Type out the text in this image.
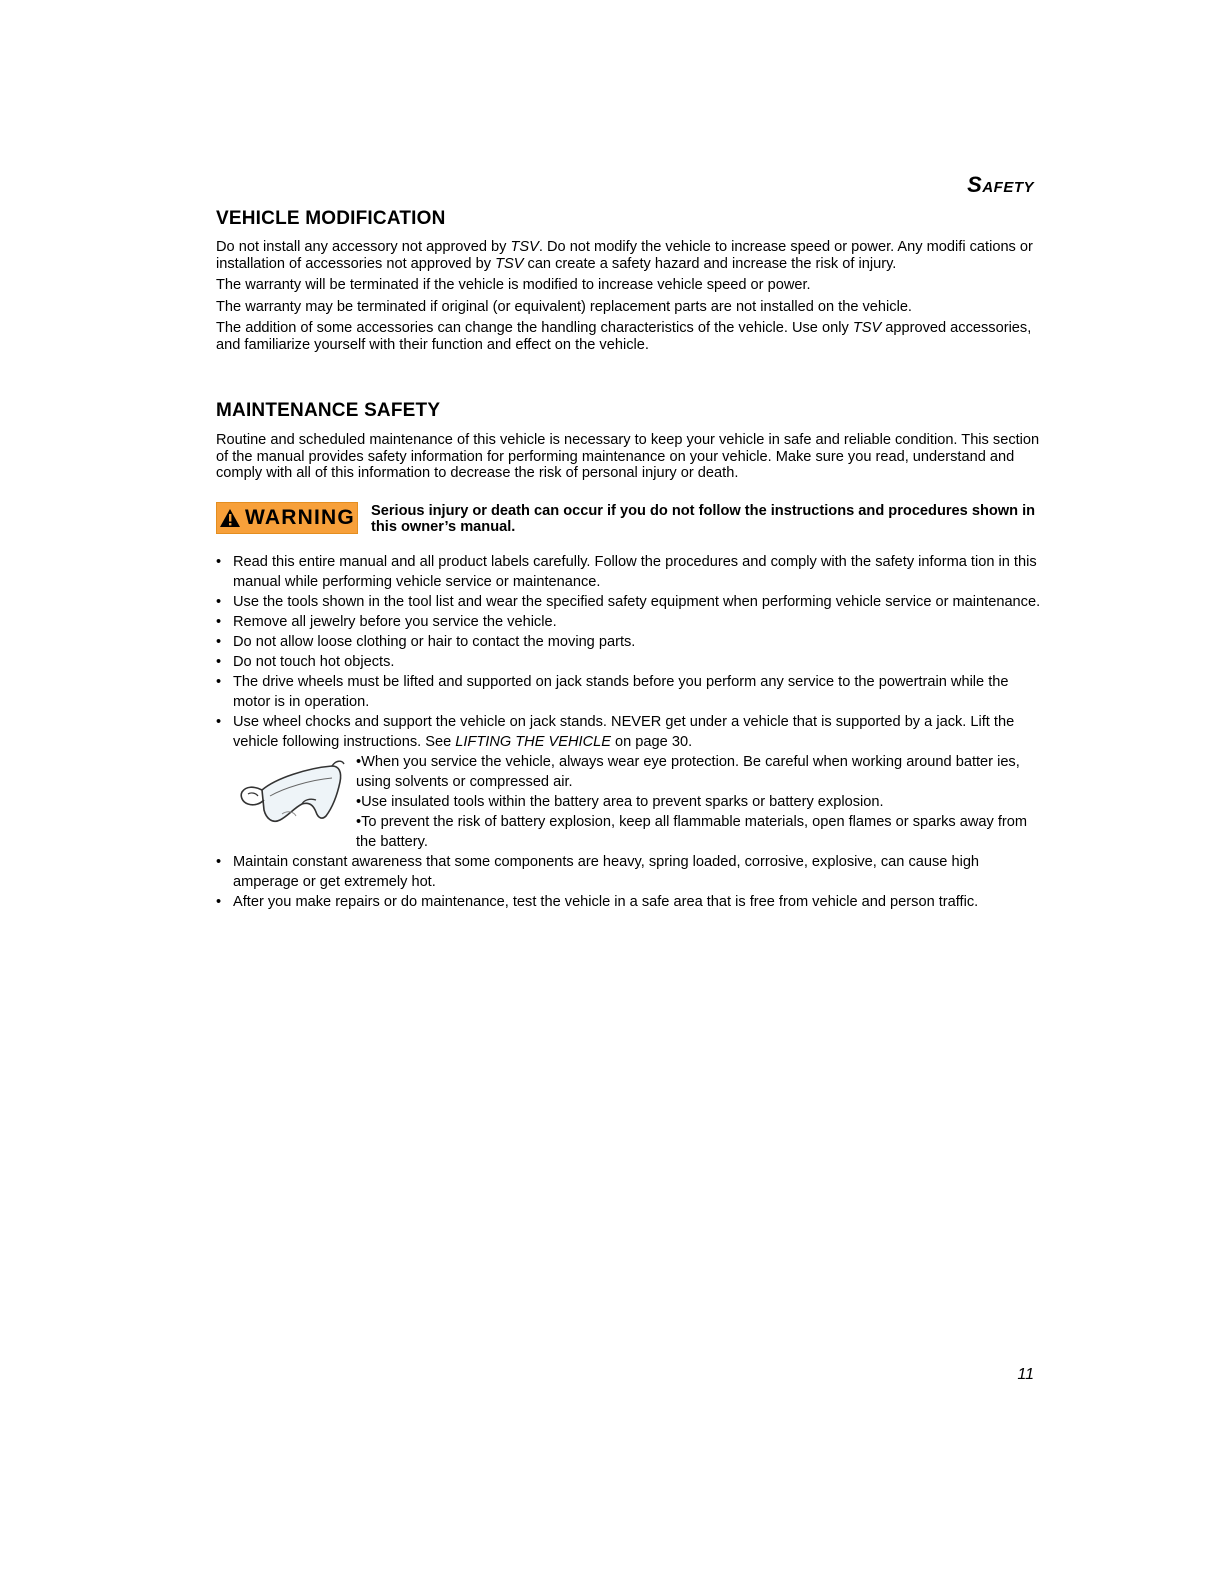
Safety
VEHICLE MODIFICATION

Do not install any accessory not approved by TSV. Do not modify the vehicle to increase speed or power. Any modifi cations or installation of accessories not approved by TSV can create a safety hazard and increase the risk of injury.

The warranty will be terminated if the vehicle is modified to increase vehicle speed or power.

The warranty may be terminated if original (or equivalent) replacement parts are not installed on the vehicle.

The addition of some accessories can change the handling characteristics of the vehicle. Use only TSV approved accessories, and familiarize yourself with their function and effect on the vehicle.

MAINTENANCE SAFETY

Routine and scheduled maintenance of this vehicle is necessary to keep your vehicle in safe and reliable condition. This section of the manual provides safety information for performing maintenance on your vehicle. Make sure you read, understand and comply with all of this information to decrease the risk of personal injury or death.

WARNING Serious injury or death can occur if you do not follow the instructions and procedures shown in this owner’s manual.
• Read this entire manual and all product labels carefully. Follow the procedures and comply with the safety informa tion in this manual while performing vehicle service or maintenance.
• Use the tools shown in the tool list and wear the specified safety equipment when performing vehicle service or maintenance.
• Remove all jewelry before you service the vehicle.
• Do not allow loose clothing or hair to contact the moving parts.
• Do not touch hot objects.
• The drive wheels must be lifted and supported on jack stands before you perform any service to the powertrain while the motor is in operation.
• Use wheel chocks and support the vehicle on jack stands. NEVER get under a vehicle that is supported by a jack. Lift the vehicle following instructions. See LIFTING THE VEHICLE on page 30.
•When you service the vehicle, always wear eye protection. Be careful when working around batter ies, using solvents or compressed air.
•Use insulated tools within the battery area to prevent sparks or battery explosion.
•To prevent the risk of battery explosion, keep all flammable materials, open flames or sparks away from the battery.
• Maintain constant awareness that some components are heavy, spring loaded, corrosive, explosive, can cause high amperage or get extremely hot.
• After you make repairs or do maintenance, test the vehicle in a safe area that is free from vehicle and person traffic.
11
